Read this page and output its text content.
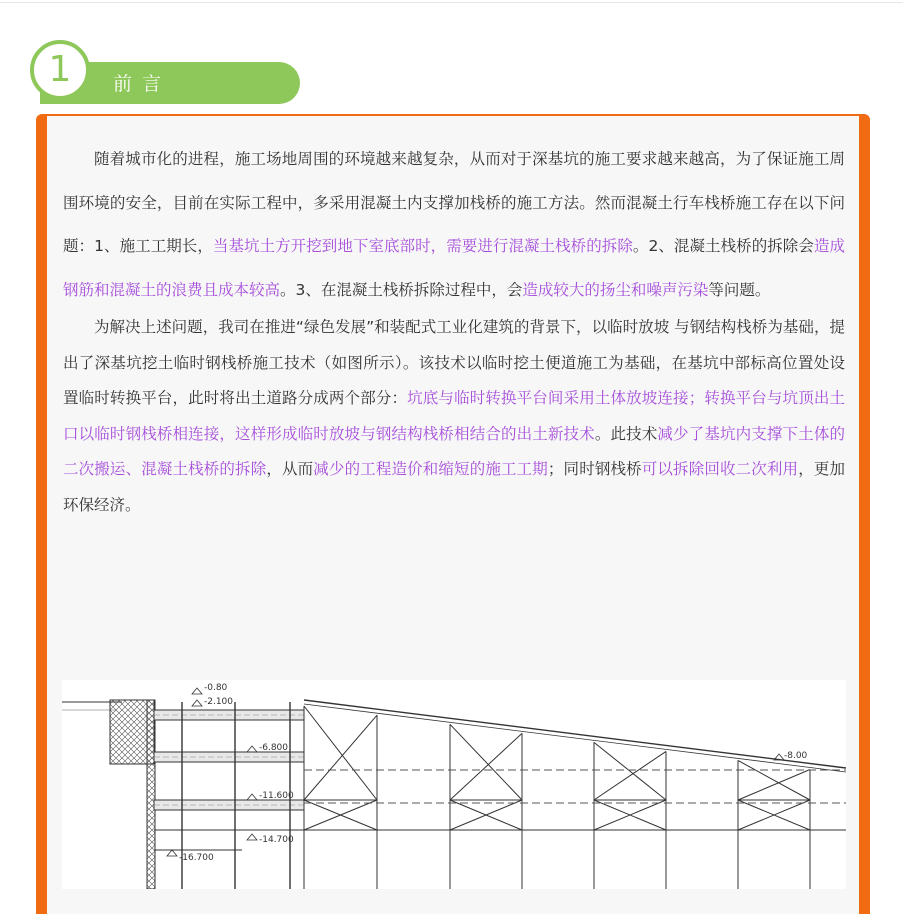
1 前言

随着城市化的进程，施工场地周围的环境越来越复杂，从而对于深基坑的施工要求越来越高，为了保证施工周围环境的安全，目前在实际工程中，多采用混凝土内支撑加栈桥的施工方法。然而混凝土行车栈桥施工存在以下问题：1、施工工期长，当基坑土方开挖到地下室底部时，需要进行混凝土栈桥的拆除。2、混凝土栈桥的拆除会造成钢筋和混凝土的浪费且成本较高。3、在混凝土栈桥拆除过程中，会造成较大的扬尘和噪声污染等问题。

为解决上述问题，我司在推进“绿色发展”和装配式工业化建筑的背景下，以临时放坡 与钢结构栈桥为基础，提出了深基坑挖土临时钢栈桥施工技术（如图所示）。该技术以临时挖土便道施工为基础，在基坑中部标高位置处设置临时转换平台，此时将出土道路分成两个部分：坑底与临时转换平台间采用土体放坡连接；转换平台与坑顶出土口以临时钢栈桥相连接，这样形成临时放坡与钢结构栈桥相结合的出土新技术。此技术减少了基坑内支撑下土体的二次搬运、混凝土栈桥的拆除，从而减少的工程造价和缩短的施工工期；同时钢栈桥可以拆除回收二次利用，更加环保经济。

-0.80
-2.100
-6.800
-11.600
-14.700
-16.700
-8.00
